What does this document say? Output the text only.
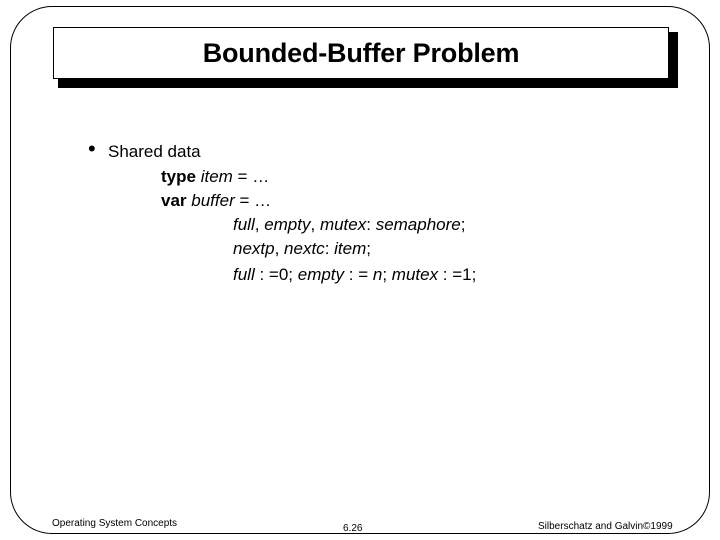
Bounded-Buffer Problem
• Shared data
type item = …
var buffer = …
full, empty, mutex: semaphore;
nextp, nextc: item;
full : =0; empty : = n; mutex : =1;
Operating System Concepts	6.26	Silberschatz and Galvin©1999
